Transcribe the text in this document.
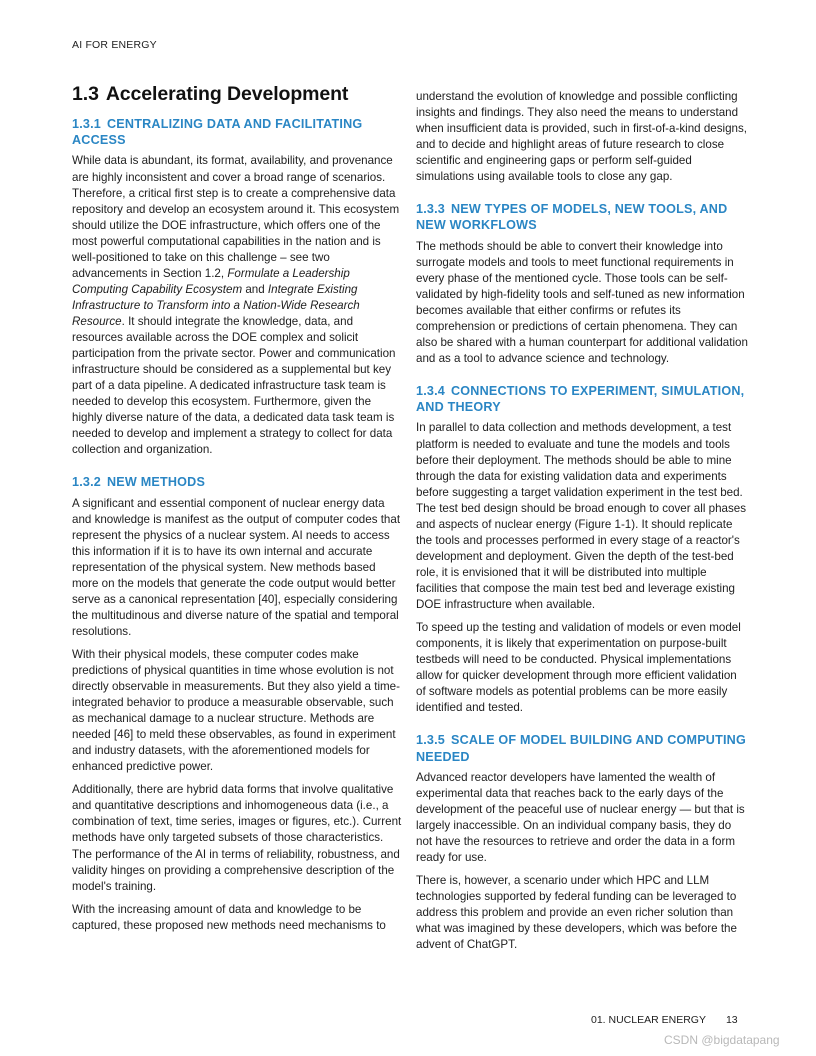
AI FOR ENERGY
1.3 Accelerating Development
1.3.1 CENTRALIZING DATA AND FACILITATING ACCESS

While data is abundant, its format, availability, and provenance are highly inconsistent and cover a broad range of scenarios. Therefore, a critical first step is to create a comprehensive data repository and develop an ecosystem around it. This ecosystem should utilize the DOE infrastructure, which offers one of the most powerful computational capabilities in the nation and is well-positioned to take on this challenge – see two advancements in Section 1.2, Formulate a Leadership Computing Capability Ecosystem and Integrate Existing Infrastructure to Transform into a Nation-Wide Research Resource. It should integrate the knowledge, data, and resources available across the DOE complex and solicit participation from the private sector. Power and communication infrastructure should be considered as a supplemental but key part of a data pipeline. A dedicated infrastructure task team is needed to develop this ecosystem. Furthermore, given the highly diverse nature of the data, a dedicated data task team is needed to develop and implement a strategy to collect for data collection and organization.

1.3.2 NEW METHODS

A significant and essential component of nuclear energy data and knowledge is manifest as the output of computer codes that represent the physics of a nuclear system. AI needs to access this information if it is to have its own internal and accurate representation of the physical system. New methods based more on the models that generate the code output would better serve as a canonical representation [40], especially considering the multitudinous and diverse nature of the spatial and temporal resolutions.

With their physical models, these computer codes make predictions of physical quantities in time whose evolution is not directly observable in measurements. But they also yield a time-integrated behavior to produce a measurable observable, such as mechanical damage to a nuclear structure. Methods are needed [46] to meld these observables, as found in experiment and industry datasets, with the aforementioned models for enhanced predictive power.

Additionally, there are hybrid data forms that involve qualitative and quantitative descriptions and inhomogeneous data (i.e., a combination of text, time series, images or figures, etc.). Current methods have only targeted subsets of those characteristics. The performance of the AI in terms of reliability, robustness, and validity hinges on providing a comprehensive description of the model's training.

With the increasing amount of data and knowledge to be captured, these proposed new methods need mechanisms to

understand the evolution of knowledge and possible conflicting insights and findings. They also need the means to understand when insufficient data is provided, such in first-of-a-kind designs, and to decide and highlight areas of future research to close scientific and engineering gaps or perform self-guided simulations using available tools to close any gap.

1.3.3 NEW TYPES OF MODELS, NEW TOOLS, AND NEW WORKFLOWS

The methods should be able to convert their knowledge into surrogate models and tools to meet functional requirements in every phase of the mentioned cycle. Those tools can be self-validated by high-fidelity tools and self-tuned as new information becomes available that either confirms or refutes its comprehension or predictions of certain phenomena. They can also be shared with a human counterpart for additional validation and as a tool to advance science and technology.

1.3.4 CONNECTIONS TO EXPERIMENT, SIMULATION, AND THEORY

In parallel to data collection and methods development, a test platform is needed to evaluate and tune the models and tools before their deployment. The methods should be able to mine through the data for existing validation data and experiments before suggesting a target validation experiment in the test bed. The test bed design should be broad enough to cover all phases and aspects of nuclear energy (Figure 1-1). It should replicate the tools and processes performed in every stage of a reactor's development and deployment. Given the depth of the test-bed role, it is envisioned that it will be distributed into multiple facilities that compose the main test bed and leverage existing DOE infrastructure when available.

To speed up the testing and validation of models or even model components, it is likely that experimentation on purpose-built testbeds will need to be conducted. Physical implementations allow for quicker development through more efficient validation of software models as potential problems can be more easily identified and tested.

1.3.5 SCALE OF MODEL BUILDING AND COMPUTING NEEDED

Advanced reactor developers have lamented the wealth of experimental data that reaches back to the early days of the development of the peaceful use of nuclear energy — but that is largely inaccessible. On an individual company basis, they do not have the resources to retrieve and order the data in a form ready for use.

There is, however, a scenario under which HPC and LLM technologies supported by federal funding can be leveraged to address this problem and provide an even richer solution than what was imagined by these developers, which was before the advent of ChatGPT.

01. NUCLEAR ENERGY 13
CSDN @bigdatapang
